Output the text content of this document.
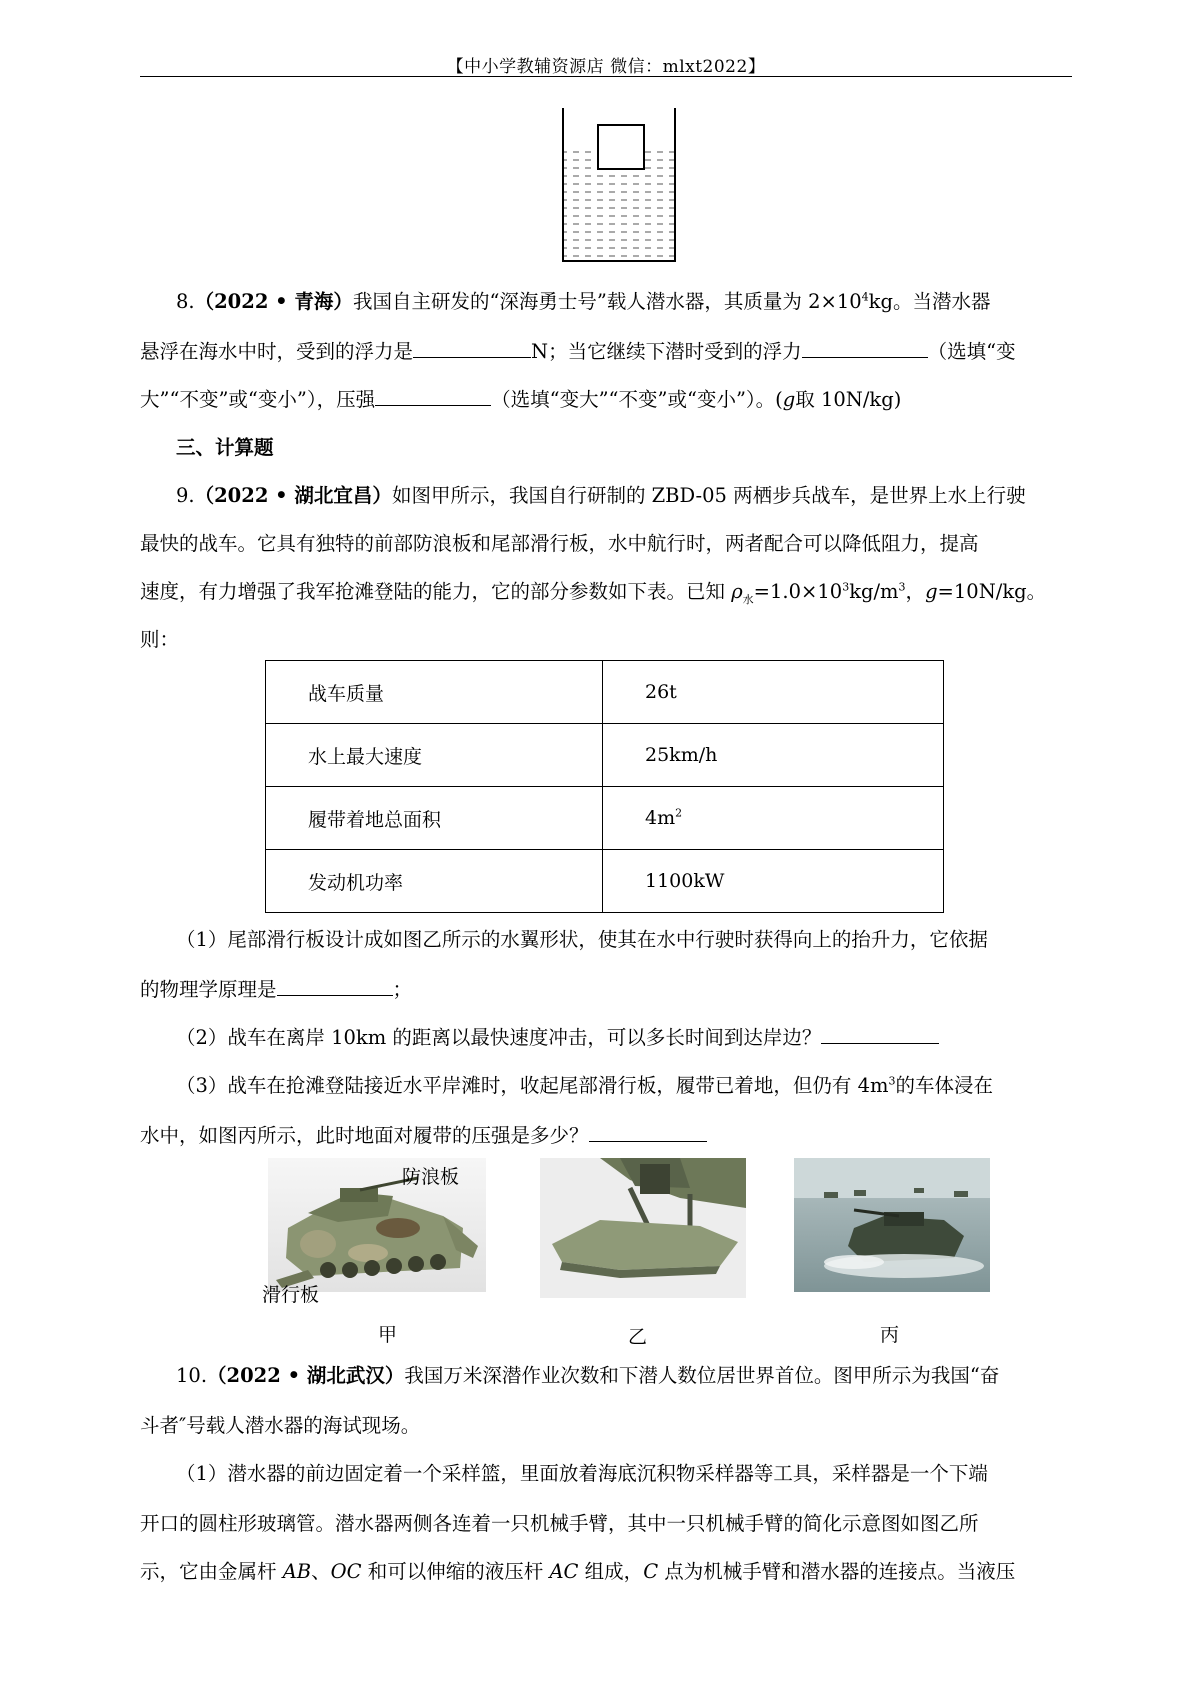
【中小学教辅资源店 微信：mlxt2022】
8.（2022 • 青海）我国自主研发的“深海勇士号”载人潜水器，其质量为 $2\times 10^4kg$。当潜水器
悬浮在海水中时，受到的浮力是	N；当它继续下潜时受到的浮力	（选填“变
大”“不变”或“变小”），压强	（选填“变大”“不变”或“变小”）。(g取 10N/kg)
三、计算题
9.（2022 • 湖北宜昌）如图甲所示，我国自行研制的 ZBD-05 两栖步兵战车，是世界上水上行驶
最快的战车。它具有独特的前部防浪板和尾部滑行板，水中航行时，两者配合可以降低阻力，提高
速度，有力增强了我军抢滩登陆的能力，它的部分参数如下表。已知 $\rho_水=1.0\times 10^3kg/m^3$，g=10N/kg。
则：
战车质量	26t
水上最大速度	25km/h
履带着地总面积	$4m^2$
发动机功率	1100kW
（1）尾部滑行板设计成如图乙所示的水翼形状，使其在水中行驶时获得向上的抬升力，它依据
的物理学原理是	；
（2）战车在离岸 10km 的距离以最快速度冲击，可以多长时间到达岸边？
（3）战车在抢滩登陆接近水平岸滩时，收起尾部滑行板，履带已着地，但仍有 $4m^3$的车体浸在
水中，如图丙所示，此时地面对履带的压强是多少？
防浪板
滑行板
甲	乙	丙
10.（2022 • 湖北武汉）我国万米深潜作业次数和下潜人数位居世界首位。图甲所示为我国“奋
斗者″号载人潜水器的海试现场。
（1）潜水器的前边固定着一个采样篮，里面放着海底沉积物采样器等工具，采样器是一个下端
开口的圆柱形玻璃管。潜水器两侧各连着一只机械手臂，其中一只机械手臂的简化示意图如图乙所
示，它由金属杆 AB、OC 和可以伸缩的液压杆 AC 组成，C 点为机械手臂和潜水器的连接点。当液压
